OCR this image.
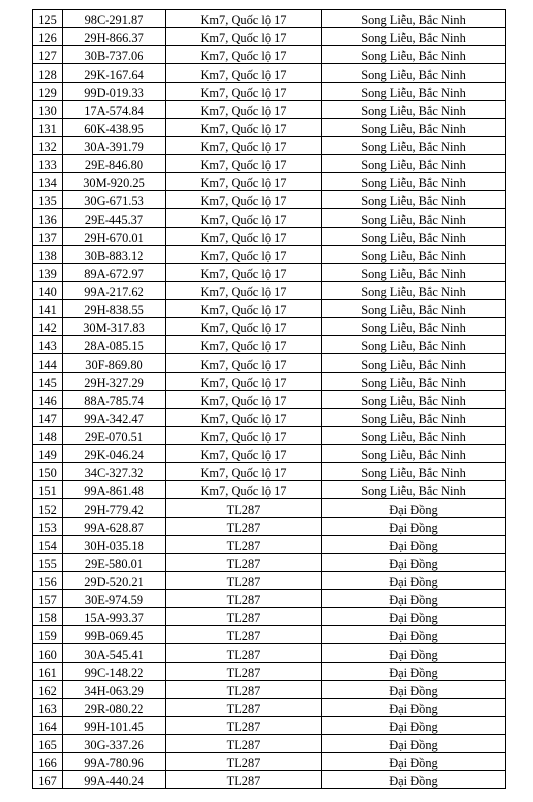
125	98C-291.87	Km7, Quốc lộ 17	Song Liễu, Bắc Ninh
126	29H-866.37	Km7, Quốc lộ 17	Song Liễu, Bắc Ninh
127	30B-737.06	Km7, Quốc lộ 17	Song Liễu, Bắc Ninh
128	29K-167.64	Km7, Quốc lộ 17	Song Liễu, Bắc Ninh
129	99D-019.33	Km7, Quốc lộ 17	Song Liễu, Bắc Ninh
130	17A-574.84	Km7, Quốc lộ 17	Song Liễu, Bắc Ninh
131	60K-438.95	Km7, Quốc lộ 17	Song Liễu, Bắc Ninh
132	30A-391.79	Km7, Quốc lộ 17	Song Liễu, Bắc Ninh
133	29E-846.80	Km7, Quốc lộ 17	Song Liễu, Bắc Ninh
134	30M-920.25	Km7, Quốc lộ 17	Song Liễu, Bắc Ninh
135	30G-671.53	Km7, Quốc lộ 17	Song Liễu, Bắc Ninh
136	29E-445.37	Km7, Quốc lộ 17	Song Liễu, Bắc Ninh
137	29H-670.01	Km7, Quốc lộ 17	Song Liễu, Bắc Ninh
138	30B-883.12	Km7, Quốc lộ 17	Song Liễu, Bắc Ninh
139	89A-672.97	Km7, Quốc lộ 17	Song Liễu, Bắc Ninh
140	99A-217.62	Km7, Quốc lộ 17	Song Liễu, Bắc Ninh
141	29H-838.55	Km7, Quốc lộ 17	Song Liễu, Bắc Ninh
142	30M-317.83	Km7, Quốc lộ 17	Song Liễu, Bắc Ninh
143	28A-085.15	Km7, Quốc lộ 17	Song Liễu, Bắc Ninh
144	30F-869.80	Km7, Quốc lộ 17	Song Liễu, Bắc Ninh
145	29H-327.29	Km7, Quốc lộ 17	Song Liễu, Bắc Ninh
146	88A-785.74	Km7, Quốc lộ 17	Song Liễu, Bắc Ninh
147	99A-342.47	Km7, Quốc lộ 17	Song Liễu, Bắc Ninh
148	29E-070.51	Km7, Quốc lộ 17	Song Liễu, Bắc Ninh
149	29K-046.24	Km7, Quốc lộ 17	Song Liễu, Bắc Ninh
150	34C-327.32	Km7, Quốc lộ 17	Song Liễu, Bắc Ninh
151	99A-861.48	Km7, Quốc lộ 17	Song Liễu, Bắc Ninh
152	29H-779.42	TL287	Đại Đồng
153	99A-628.87	TL287	Đại Đồng
154	30H-035.18	TL287	Đại Đồng
155	29E-580.01	TL287	Đại Đồng
156	29D-520.21	TL287	Đại Đồng
157	30E-974.59	TL287	Đại Đồng
158	15A-993.37	TL287	Đại Đồng
159	99B-069.45	TL287	Đại Đồng
160	30A-545.41	TL287	Đại Đồng
161	99C-148.22	TL287	Đại Đồng
162	34H-063.29	TL287	Đại Đồng
163	29R-080.22	TL287	Đại Đồng
164	99H-101.45	TL287	Đại Đồng
165	30G-337.26	TL287	Đại Đồng
166	99A-780.96	TL287	Đại Đồng
167	99A-440.24	TL287	Đại Đồng
